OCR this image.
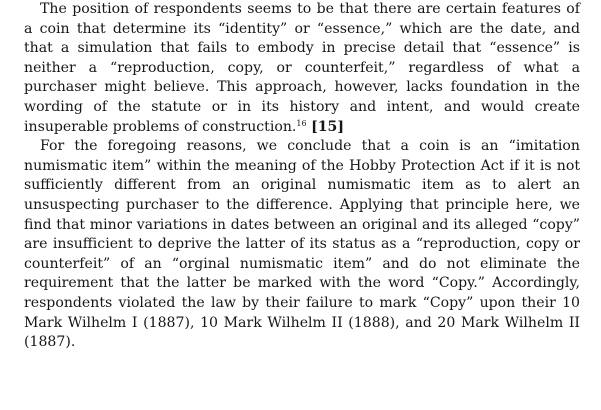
The position of respondents seems to be that there are certain features of a coin that determine its “identity” or “essence,” which are the date, and that a simulation that fails to embody in precise detail that “essence” is neither a “reproduction, copy, or counterfeit,” regardless of what a purchaser might believe. This approach, however, lacks foundation in the wording of the statute or in its history and intent, and would create insuperable problems of construction.$^{16}$ [15]

For the foregoing reasons, we conclude that a coin is an “imitation numismatic item” within the meaning of the Hobby Protection Act if it is not sufficiently different from an original numismatic item as to alert an unsuspecting purchaser to the difference. Applying that principle here, we find that minor variations in dates between an original and its alleged “copy” are insufficient to deprive the latter of its status as a “reproduction, copy or counterfeit” of an “orginal numismatic item” and do not eliminate the requirement that the latter be marked with the word “Copy.” Accordingly, respondents violated the law by their failure to mark “Copy” upon their 10 Mark Wilhelm I (1887), 10 Mark Wilhelm II (1888), and 20 Mark Wilhelm II (1887).
